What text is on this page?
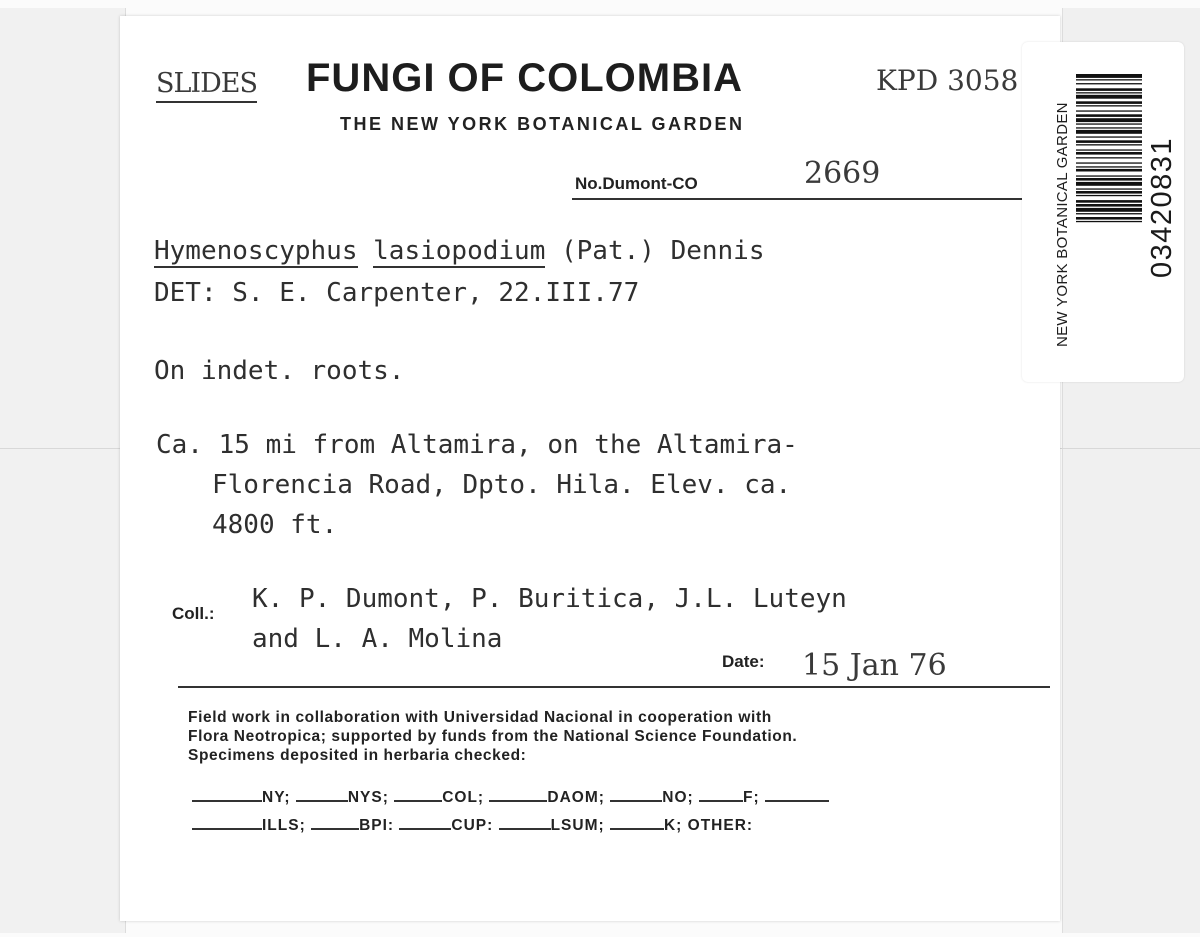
SLIDES FUNGI OF COLOMBIA	KPD 3058
THE NEW YORK BOTANICAL GARDEN
No.Dumont-CO	2669
Hymenoscyphus lasiopodium (Pat.) Dennis
DET: S. E. Carpenter, 22.III.77
On indet. roots.
Ca. 15 mi from Altamira, on the Altamira-
Florencia Road, Dpto. Hila. Elev. ca.
4800 ft.
Coll.: K. P. Dumont, P. Buritica, J.L. Luteyn
and L. A. Molina
Date: 15 Jan 76
Field work in collaboration with Universidad Nacional in cooperation with
Flora Neotropica; supported by funds from the National Science Foundation.
Specimens deposited in herbaria checked:
NY;	NYS;	COL;	DAOM;	NO;	F;
ILLS;	BPI:	CUP:	LSUM;	K; OTHER:
NEW YORK BOTANICAL GARDEN	03420831
